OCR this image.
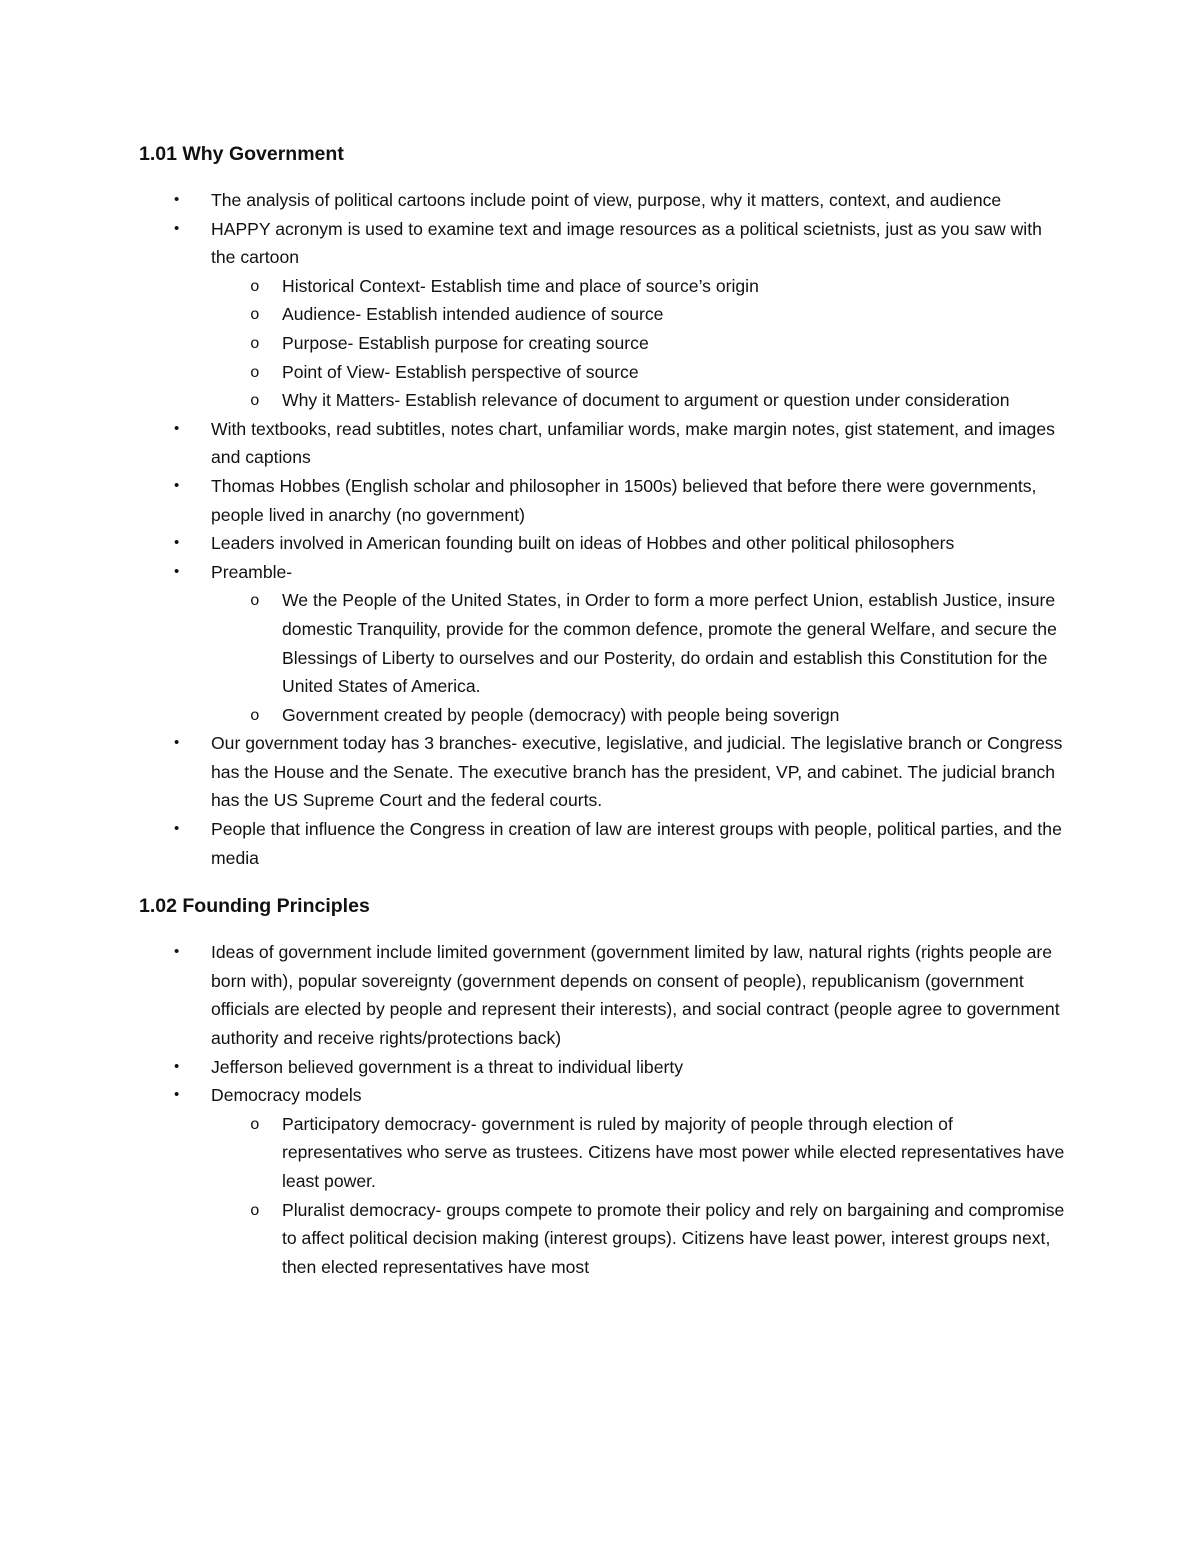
1.01 Why Government
• The analysis of political cartoons include point of view, purpose, why it matters, context, and audience
• HAPPY acronym is used to examine text and image resources as a political scietnists, just as you saw with the cartoon
o Historical Context- Establish time and place of source’s origin
o Audience- Establish intended audience of source
o Purpose- Establish purpose for creating source
o Point of View- Establish perspective of source
o Why it Matters- Establish relevance of document to argument or question under consideration
• With textbooks, read subtitles, notes chart, unfamiliar words, make margin notes, gist statement, and images and captions
• Thomas Hobbes (English scholar and philosopher in 1500s) believed that before there were governments, people lived in anarchy (no government)
• Leaders involved in American founding built on ideas of Hobbes and other political philosophers
• Preamble-
o We the People of the United States, in Order to form a more perfect Union, establish Justice, insure domestic Tranquility, provide for the common defence, promote the general Welfare, and secure the Blessings of Liberty to ourselves and our Posterity, do ordain and establish this Constitution for the United States of America.
o Government created by people (democracy) with people being soverign
• Our government today has 3 branches- executive, legislative, and judicial. The legislative branch or Congress has the House and the Senate. The executive branch has the president, VP, and cabinet. The judicial branch has the US Supreme Court and the federal courts.
• People that influence the Congress in creation of law are interest groups with people, political parties, and the media
1.02 Founding Principles
• Ideas of government include limited government (government limited by law, natural rights (rights people are born with), popular sovereignty (government depends on consent of people), republicanism (government officials are elected by people and represent their interests), and social contract (people agree to government authority and receive rights/protections back)
• Jefferson believed government is a threat to individual liberty
• Democracy models
o Participatory democracy- government is ruled by majority of people through election of representatives who serve as trustees. Citizens have most power while elected representatives have least power.
o Pluralist democracy- groups compete to promote their policy and rely on bargaining and compromise to affect political decision making (interest groups). Citizens have least power, interest groups next, then elected representatives have most
